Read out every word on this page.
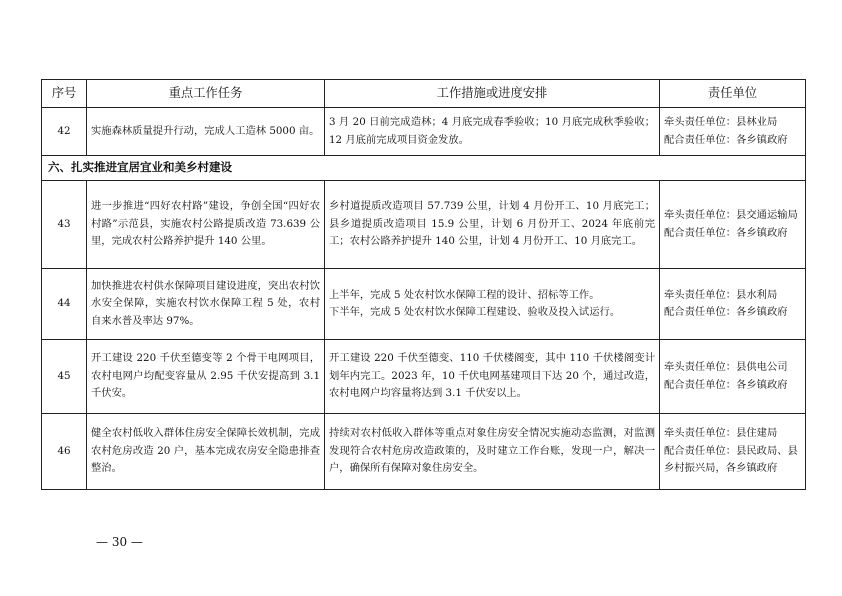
序号	重点工作任务	工作措施或进度安排	责任单位
42	实施森林质量提升行动，完成人工造林 5000 亩。	3 月 20 日前完成造林；4 月底完成春季验收；10 月底完成秋季验收；12 月底前完成项目资金发放。	牵头责任单位：县林业局
配合责任单位：各乡镇政府

六、扎实推进宜居宜业和美乡村建设			
43	进一步推进“四好农村路”建设，争创全国“四好农村路”示范县，实施农村公路提质改造 73.639 公里，完成农村公路养护提升 140 公里。	乡村道提质改造项目 57.739 公里，计划 4 月份开工、10 月底完工；县乡道提质改造项目 15.9 公里，计划 6 月份开工、2024 年底前完工；农村公路养护提升 140 公里，计划 4 月份开工、10 月底完工。	牵头责任单位：县交通运输局
配合责任单位：各乡镇政府

44	加快推进农村供水保障项目建设进度，突出农村饮水安全保障，实施农村饮水保障工程 5 处，农村自来水普及率达 97%。	上半年，完成 5 处农村饮水保障工程的设计、招标等工作。
下半年，完成 5 处农村饮水保障工程建设、验收及投入试运行。	牵头责任单位：县水利局
配合责任单位：各乡镇政府

45	开工建设 220 千伏至德变等 2 个骨干电网项目，农村电网户均配变容量从 2.95 千伏安提高到 3.1 千伏安。	开工建设 220 千伏至德变、110 千伏楼阁变，其中 110 千伏楼阁变计划年内完工。2023 年，10 千伏电网基建项目下达 20 个，通过改造，农村电网户均容量将达到 3.1 千伏安以上。	牵头责任单位：县供电公司
配合责任单位：各乡镇政府

46	健全农村低收入群体住房安全保障长效机制，完成农村危房改造 20 户，基本完成农房安全隐患排查整治。	持续对农村低收入群体等重点对象住房安全情况实施动态监测，对监测发现符合农村危房改造政策的，及时建立工作台账，发现一户，解决一户，确保所有保障对象住房安全。	牵头责任单位：县住建局
配合责任单位：县民政局、县乡村振兴局，各乡镇政府
— 30 —
